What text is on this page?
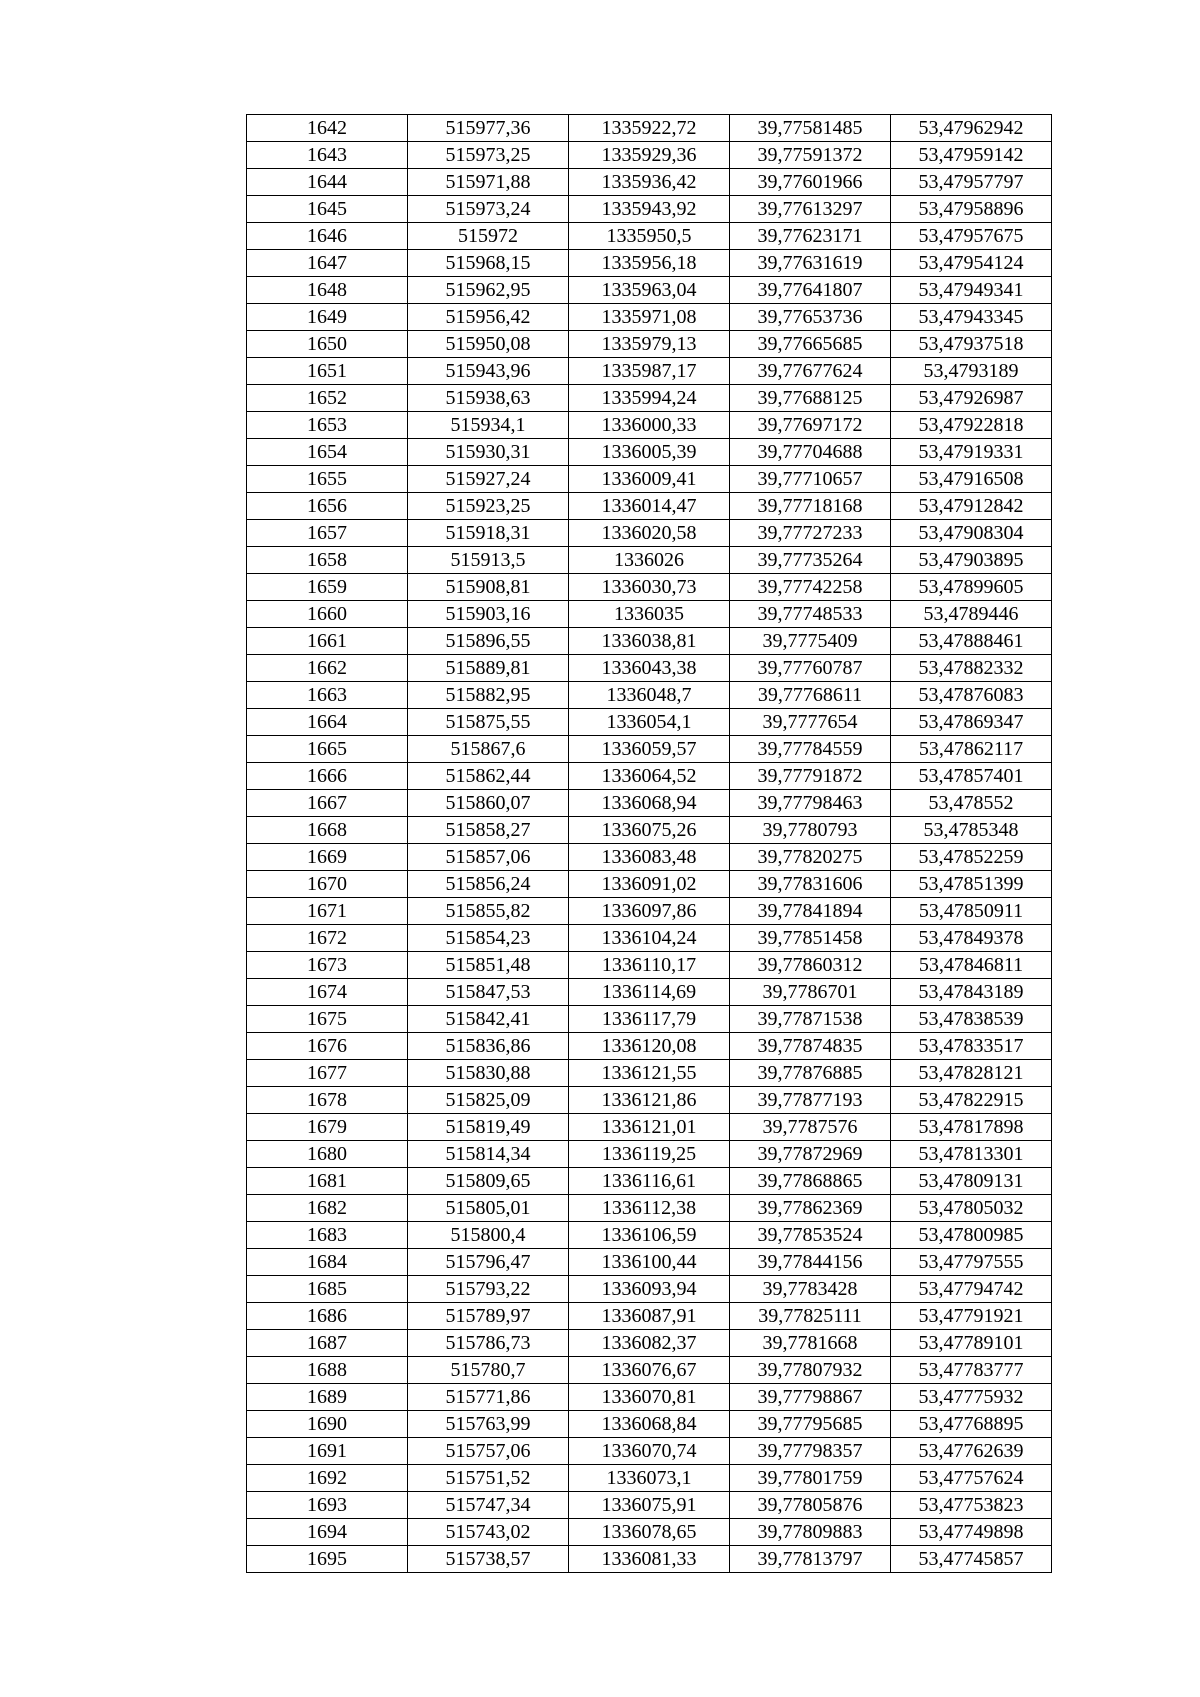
1642	515977,36	1335922,72	39,77581485	53,47962942
1643	515973,25	1335929,36	39,77591372	53,47959142
1644	515971,88	1335936,42	39,77601966	53,47957797
1645	515973,24	1335943,92	39,77613297	53,47958896
1646	515972	1335950,5	39,77623171	53,47957675
1647	515968,15	1335956,18	39,77631619	53,47954124
1648	515962,95	1335963,04	39,77641807	53,47949341
1649	515956,42	1335971,08	39,77653736	53,47943345
1650	515950,08	1335979,13	39,77665685	53,47937518
1651	515943,96	1335987,17	39,77677624	53,4793189
1652	515938,63	1335994,24	39,77688125	53,47926987
1653	515934,1	1336000,33	39,77697172	53,47922818
1654	515930,31	1336005,39	39,77704688	53,47919331
1655	515927,24	1336009,41	39,77710657	53,47916508
1656	515923,25	1336014,47	39,77718168	53,47912842
1657	515918,31	1336020,58	39,77727233	53,47908304
1658	515913,5	1336026	39,77735264	53,47903895
1659	515908,81	1336030,73	39,77742258	53,47899605
1660	515903,16	1336035	39,77748533	53,4789446
1661	515896,55	1336038,81	39,7775409	53,47888461
1662	515889,81	1336043,38	39,77760787	53,47882332
1663	515882,95	1336048,7	39,77768611	53,47876083
1664	515875,55	1336054,1	39,7777654	53,47869347
1665	515867,6	1336059,57	39,77784559	53,47862117
1666	515862,44	1336064,52	39,77791872	53,47857401
1667	515860,07	1336068,94	39,77798463	53,478552
1668	515858,27	1336075,26	39,7780793	53,4785348
1669	515857,06	1336083,48	39,77820275	53,47852259
1670	515856,24	1336091,02	39,77831606	53,47851399
1671	515855,82	1336097,86	39,77841894	53,47850911
1672	515854,23	1336104,24	39,77851458	53,47849378
1673	515851,48	1336110,17	39,77860312	53,47846811
1674	515847,53	1336114,69	39,7786701	53,47843189
1675	515842,41	1336117,79	39,77871538	53,47838539
1676	515836,86	1336120,08	39,77874835	53,47833517
1677	515830,88	1336121,55	39,77876885	53,47828121
1678	515825,09	1336121,86	39,77877193	53,47822915
1679	515819,49	1336121,01	39,7787576	53,47817898
1680	515814,34	1336119,25	39,77872969	53,47813301
1681	515809,65	1336116,61	39,77868865	53,47809131
1682	515805,01	1336112,38	39,77862369	53,47805032
1683	515800,4	1336106,59	39,77853524	53,47800985
1684	515796,47	1336100,44	39,77844156	53,47797555
1685	515793,22	1336093,94	39,7783428	53,47794742
1686	515789,97	1336087,91	39,77825111	53,47791921
1687	515786,73	1336082,37	39,7781668	53,47789101
1688	515780,7	1336076,67	39,77807932	53,47783777
1689	515771,86	1336070,81	39,77798867	53,47775932
1690	515763,99	1336068,84	39,77795685	53,47768895
1691	515757,06	1336070,74	39,77798357	53,47762639
1692	515751,52	1336073,1	39,77801759	53,47757624
1693	515747,34	1336075,91	39,77805876	53,47753823
1694	515743,02	1336078,65	39,77809883	53,47749898
1695	515738,57	1336081,33	39,77813797	53,47745857
